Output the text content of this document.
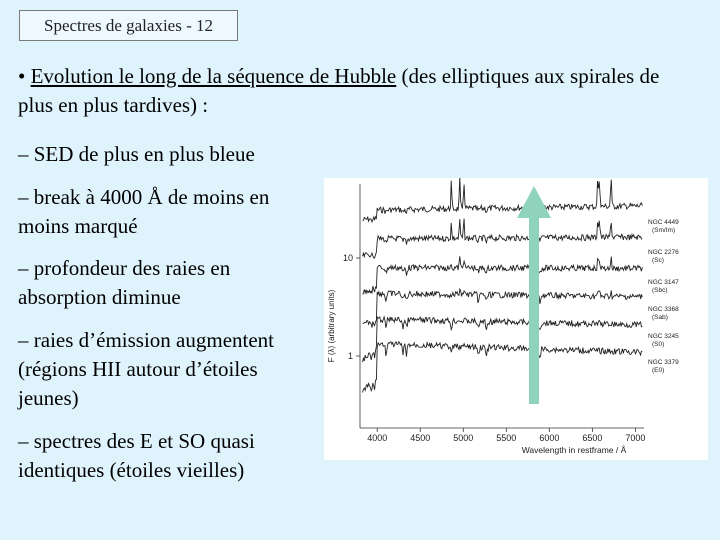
Spectres de galaxies - 12
• Evolution le long de la séquence de Hubble (des elliptiques aux spirales de plus en plus tardives) :
– SED de plus en plus bleue
– break à 4000 Å de moins en moins marqué
– profondeur des raies en absorption diminue
– raies d’émission augmentent (régions HII autour d’étoiles jeunes)
– spectres des E et SO quasi identiques (étoiles vieilles)
4000	4500	5000	5500	6000	6500	7000
1
10
NGC 4449
(Sm/Im)
NGC 2276
(Sc)
NGC 3147
(Sbc)
NGC 3368
(Sab)
NGC 3245
(S0)
NGC 3379
(E0)
Wavelength in restframe / Å
F (λ) (arbitrary units)
